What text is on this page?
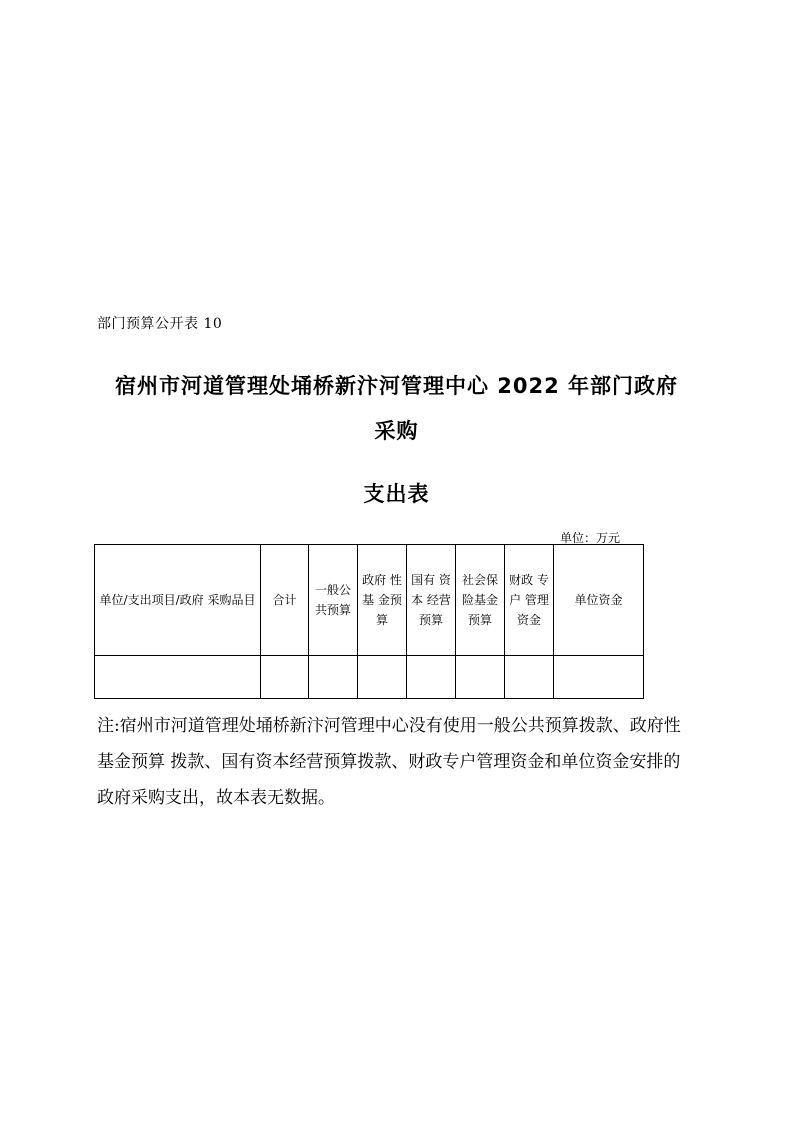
部门预算公开表 10
宿州市河道管理处埇桥新汴河管理中心 2022 年部门政府
采购
支出表
单位：万元
单位/支出项目/政府 采购品目	合计	一般公共预算	政府 性基 金预算	国有 资本 经营预算	社会保险基金预算	财政 专户 管理资金	单位资金

注:宿州市河道管理处埇桥新汴河管理中心没有使用一般公共预算拨款、政府性基金预算 拨款、国有资本经营预算拨款、财政专户管理资金和单位资金安排的政府采购支出，故本表无数据。
